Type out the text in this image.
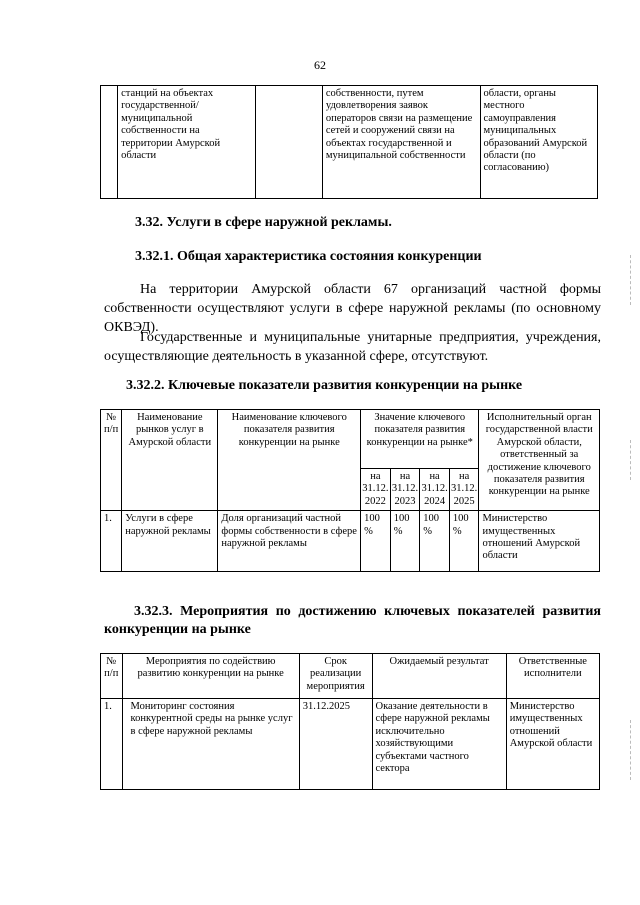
62
	станций на объектах государственной/муниципальной собственности на территории Амурской области		собственности, путем удовлетворения заявок операторов связи на размещение сетей и сооружений связи на объектах государственной и муниципальной собственности	области, органы местного самоуправления муниципальных образований Амурской области (по согласованию)
3.32. Услуги в сфере наружной рекламы.
3.32.1. Общая характеристика состояния конкуренции
На территории Амурской области 67 организаций частной формы собственности осуществляют услуги в сфере наружной рекламы (по основному ОКВЭД).
Государственные и муниципальные унитарные предприятия, учреждения, осуществляющие деятельность в указанной сфере, отсутствуют.
3.32.2. Ключевые показатели развития конкуренции на рынке
№ п/п	Наименование рынков услуг в Амурской области	Наименование ключевого показателя развития конкуренции на рынке	Значение ключевого показателя развития конкуренции на рынке*				Исполнительный орган государственной власти Амурской области, ответственный за достижение ключевого показателя развития конкуренции на рынке
			на 31.12. 2022	на 31.12. 2023	на 31.12. 2024	на 31.12. 2025	
1.	Услуги в сфере наружной рекламы	Доля организаций частной формы собственности в сфере наружной рекламы	100 %	100 %	100 %	100 %	Министерство имущественных отношений Амурской области
3.32.3. Мероприятия по достижению ключевых показателей развития конкуренции на рынке
№ п/п	Мероприятия по содействию развитию конкуренции на рынке	Срок реализации мероприятия	Ожидаемый результат	Ответственные исполнители
1.	Мониторинг состояния конкурентной среды на рынке услуг в сфере наружной рекламы	31.12.2025	Оказание деятельности в сфере наружной рекламы исключительно хозяйствующими субъектами частного сектора	Министерство имущественных отношений Амурской области
